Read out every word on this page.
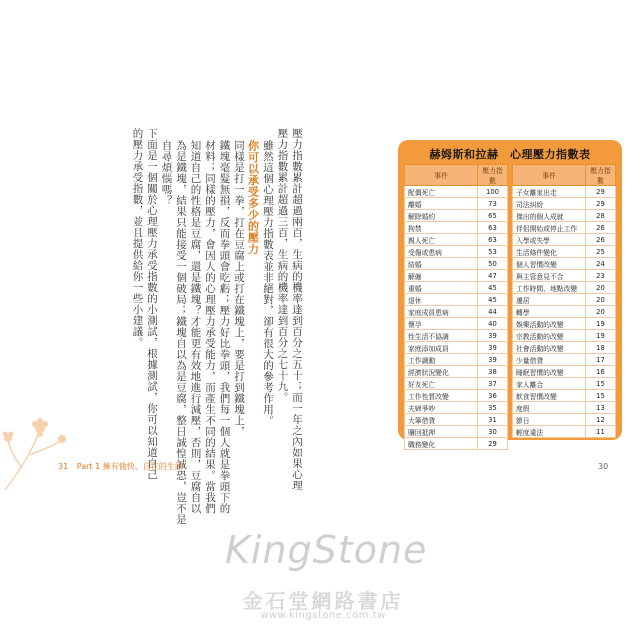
壓力指數累計超過兩百，生病的機率達到百分之五十；而一年之內如果心理
壓力指數累計超過三百，生病的機率達到百分之七十九。
雖然這個心理壓力指數表並非絕對，卻有很大的參考作用。
你可以承受多少的壓力
同樣是打一拳，打在豆腐上或打在鐵塊上，要是打到鐵塊上，
鐵塊毫髮無損，反而拳頭會吃虧；壓力好比拳頭，我們每一個人就是拳頭下的
材料；同樣的壓力，會因人的心理壓力承受能力，而產生不同的結果。當我們
知道自己的性格是豆腐，還是鐵塊？才能更有效地進行減壓，否則，豆腐自以
為是鐵塊，結果只能接受一個破局；鐵塊自以為是豆腐，整日誠惶誠恐，豈不是
自尋煩惱嗎？
下面是一個關於心理壓力承受指數的小測試，根據測試，你可以知道自己
的壓力承受指數，並且提供給你一些小建議。
31 Part 1 擁有愉快、自在的生活
赫姆斯和拉赫　心理壓力指數表
事件	壓力指數
配偶死亡	100
離婚	73
解除婚約	65
拘禁	63
親人死亡	63
受傷或患病	53
結婚	50
解僱	47
重婚	45
退休	45
家庭成員患病	44
懷孕	40
性生活不協調	39
家庭添加成員	39
工作調動	39
經濟狀況變化	38
好友死亡	37
工作性質改變	36
夫婦爭吵	35
大筆借貸	31
贖回抵押	30
職務變化	29
事件	壓力指數
子女離家出走	29
司法糾紛	29
傑出的個人成就	28
伴侶開始或停止工作	26
入學或失學	26
生活條件變化	25
個人習慣改變	24
與主管意見不合	23
工作時間、地點改變	20
遷居	20
轉學	20
娛樂活動的改變	19
宗教活動的改變	19
社會活動的改變	18
少量借貸	17
睡眠習慣的改變	16
家人離合	15
飲食習慣改變	15
度假	13
節日	12
輕度違法	11
30
KingStone
金石堂網路書店
www.kingstone.com.tw
